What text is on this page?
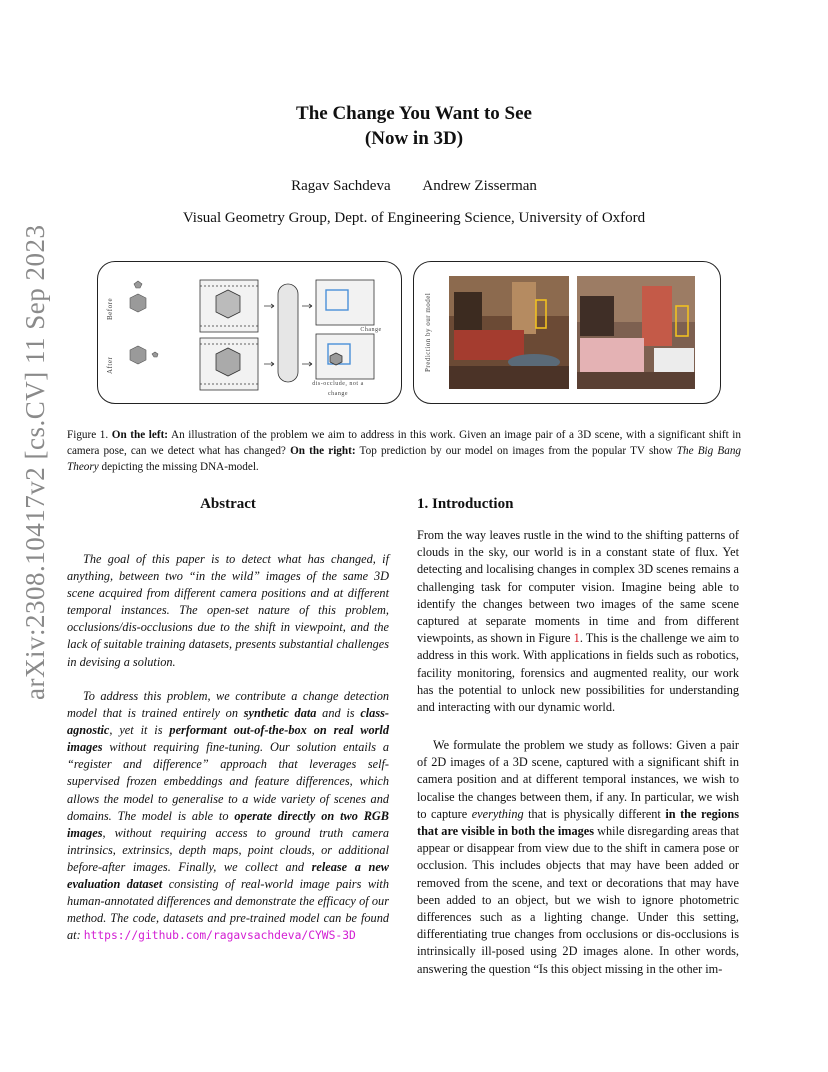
arXiv:2308.10417v2 [cs.CV] 11 Sep 2023
The Change You Want to See
(Now in 3D)
Ragav Sachdeva Andrew Zisserman
Visual Geometry Group, Dept. of Engineering Science, University of Oxford
Before
After
Change
dis-occlude, not a
change
Prediction by our model
Figure 1. On the left: An illustration of the problem we aim to address in this work. Given an image pair of a 3D scene, with a significant shift in camera pose, can we detect what has changed? On the right: Top prediction by our model on images from the popular TV show The Big Bang Theory depicting the missing DNA-model.
Abstract

The goal of this paper is to detect what has changed, if anything, between two “in the wild” images of the same 3D scene acquired from different camera positions and at different temporal instances. The open-set nature of this problem, occlusions/dis-occlusions due to the shift in viewpoint, and the lack of suitable training datasets, presents substantial challenges in devising a solution.

To address this problem, we contribute a change detection model that is trained entirely on synthetic data and is class-agnostic, yet it is performant out-of-the-box on real world images without requiring fine-tuning. Our solution entails a “register and difference” approach that leverages self-supervised frozen embeddings and feature differences, which allows the model to generalise to a wide variety of scenes and domains. The model is able to operate directly on two RGB images, without requiring access to ground truth camera intrinsics, extrinsics, depth maps, point clouds, or additional before-after images. Finally, we collect and release a new evaluation dataset consisting of real-world image pairs with human-annotated differences and demonstrate the efficacy of our method. The code, datasets and pre-trained model can be found at: https://github.com/ragavsachdeva/CYWS-3D

1. Introduction

From the way leaves rustle in the wind to the shifting patterns of clouds in the sky, our world is in a constant state of flux. Yet detecting and localising changes in complex 3D scenes remains a challenging task for computer vision. Imagine being able to identify the changes between two images of the same scene captured at separate moments in time and from different viewpoints, as shown in Figure 1. This is the challenge we aim to address in this work. With applications in fields such as robotics, facility monitoring, forensics and augmented reality, our work has the potential to unlock new possibilities for understanding and interacting with our dynamic world.

We formulate the problem we study as follows: Given a pair of 2D images of a 3D scene, captured with a significant shift in camera position and at different temporal instances, we wish to localise the changes between them, if any. In particular, we wish to capture everything that is physically different in the regions that are visible in both the images while disregarding areas that appear or disappear from view due to the shift in camera pose or occlusion. This includes objects that may have been added or removed from the scene, and text or decorations that may have been added to an object, but we wish to ignore photometric differences such as a lighting change. Under this setting, differentiating true changes from occlusions or dis-occlusions is intrinsically ill-posed using 2D images alone. In other words, answering the question “Is this object missing in the other im-
